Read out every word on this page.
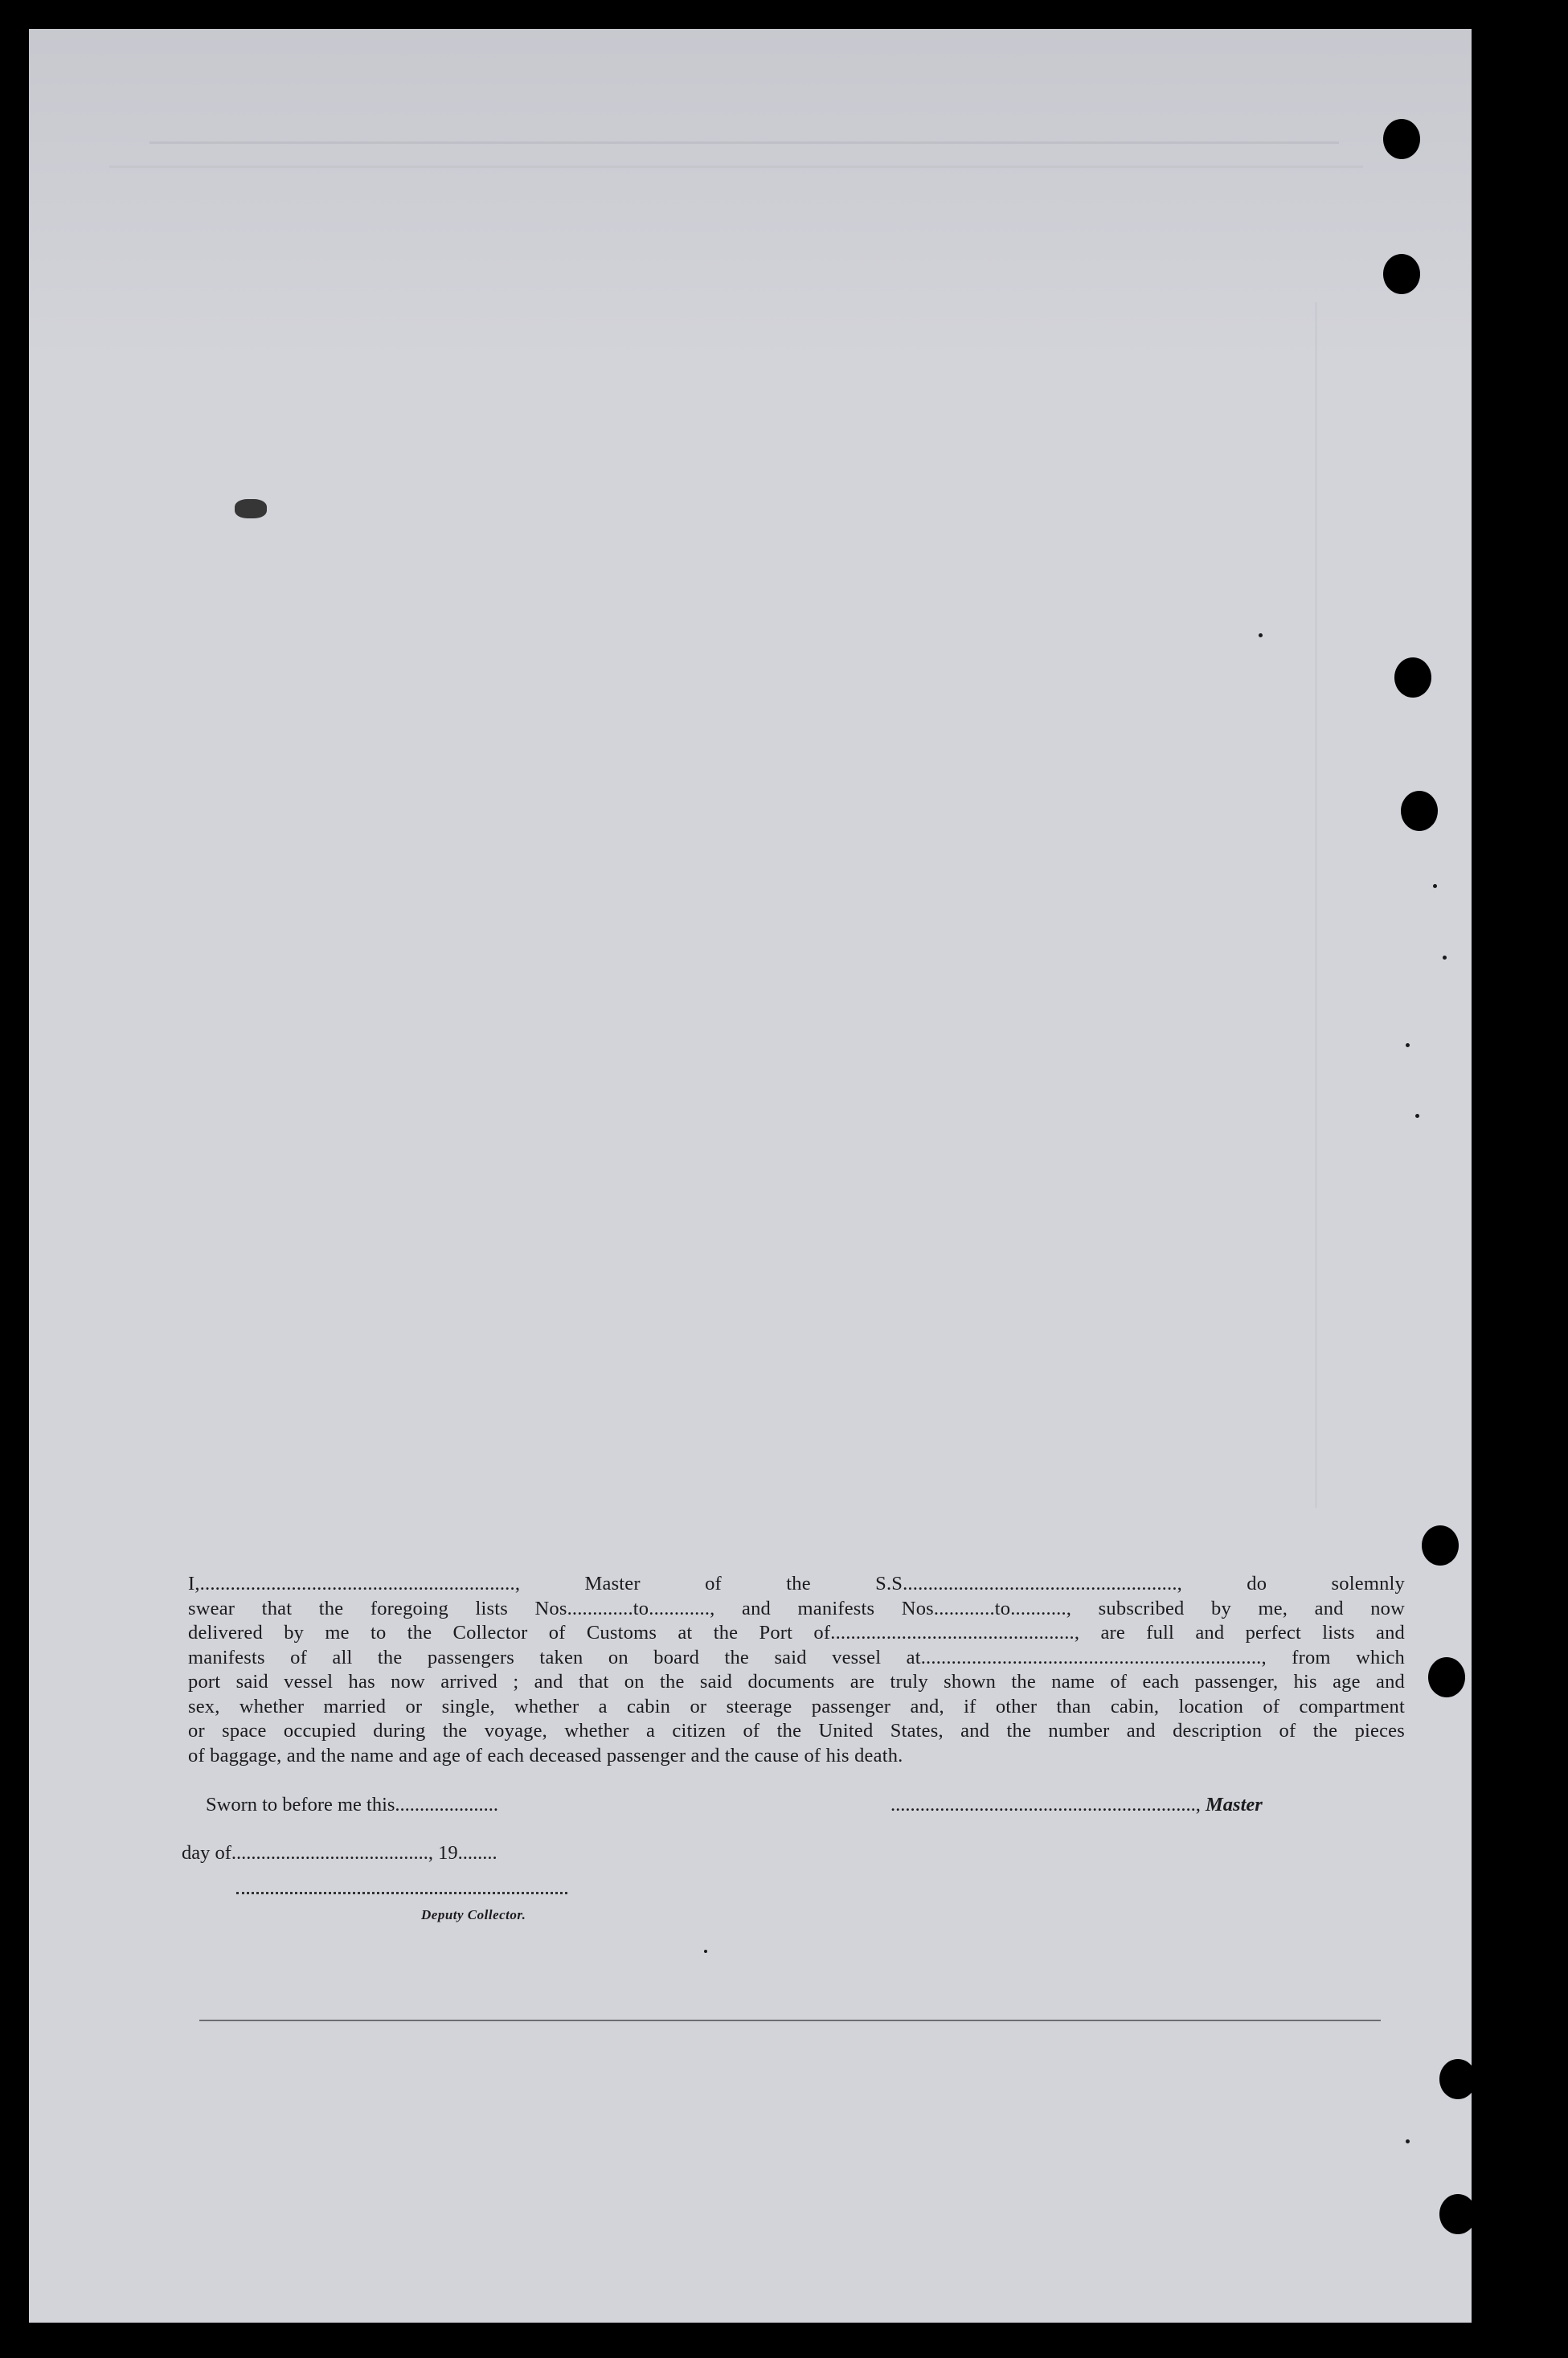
I,.............................................................., Master of the S.S......................................................, do solemnly
swear that the foregoing lists Nos.............to............, and manifests Nos............to..........., subscribed by me, and now
delivered by me to the Collector of Customs at the Port of................................................, are full and perfect lists and
manifests of all the passengers taken on board the said vessel at..................................................................., from which
port said vessel has now arrived ; and that on the said documents are truly shown the name of each passenger, his age and
sex, whether married or single, whether a cabin or steerage passenger and, if other than cabin, location of compartment
or space occupied during the voyage, whether a citizen of the United States, and the number and description of the pieces
of baggage, and the name and age of each deceased passenger and the cause of his death.
Sworn to before me this.....................	.............................................................., Master
day of........................................, 19........
Deputy Collector.
